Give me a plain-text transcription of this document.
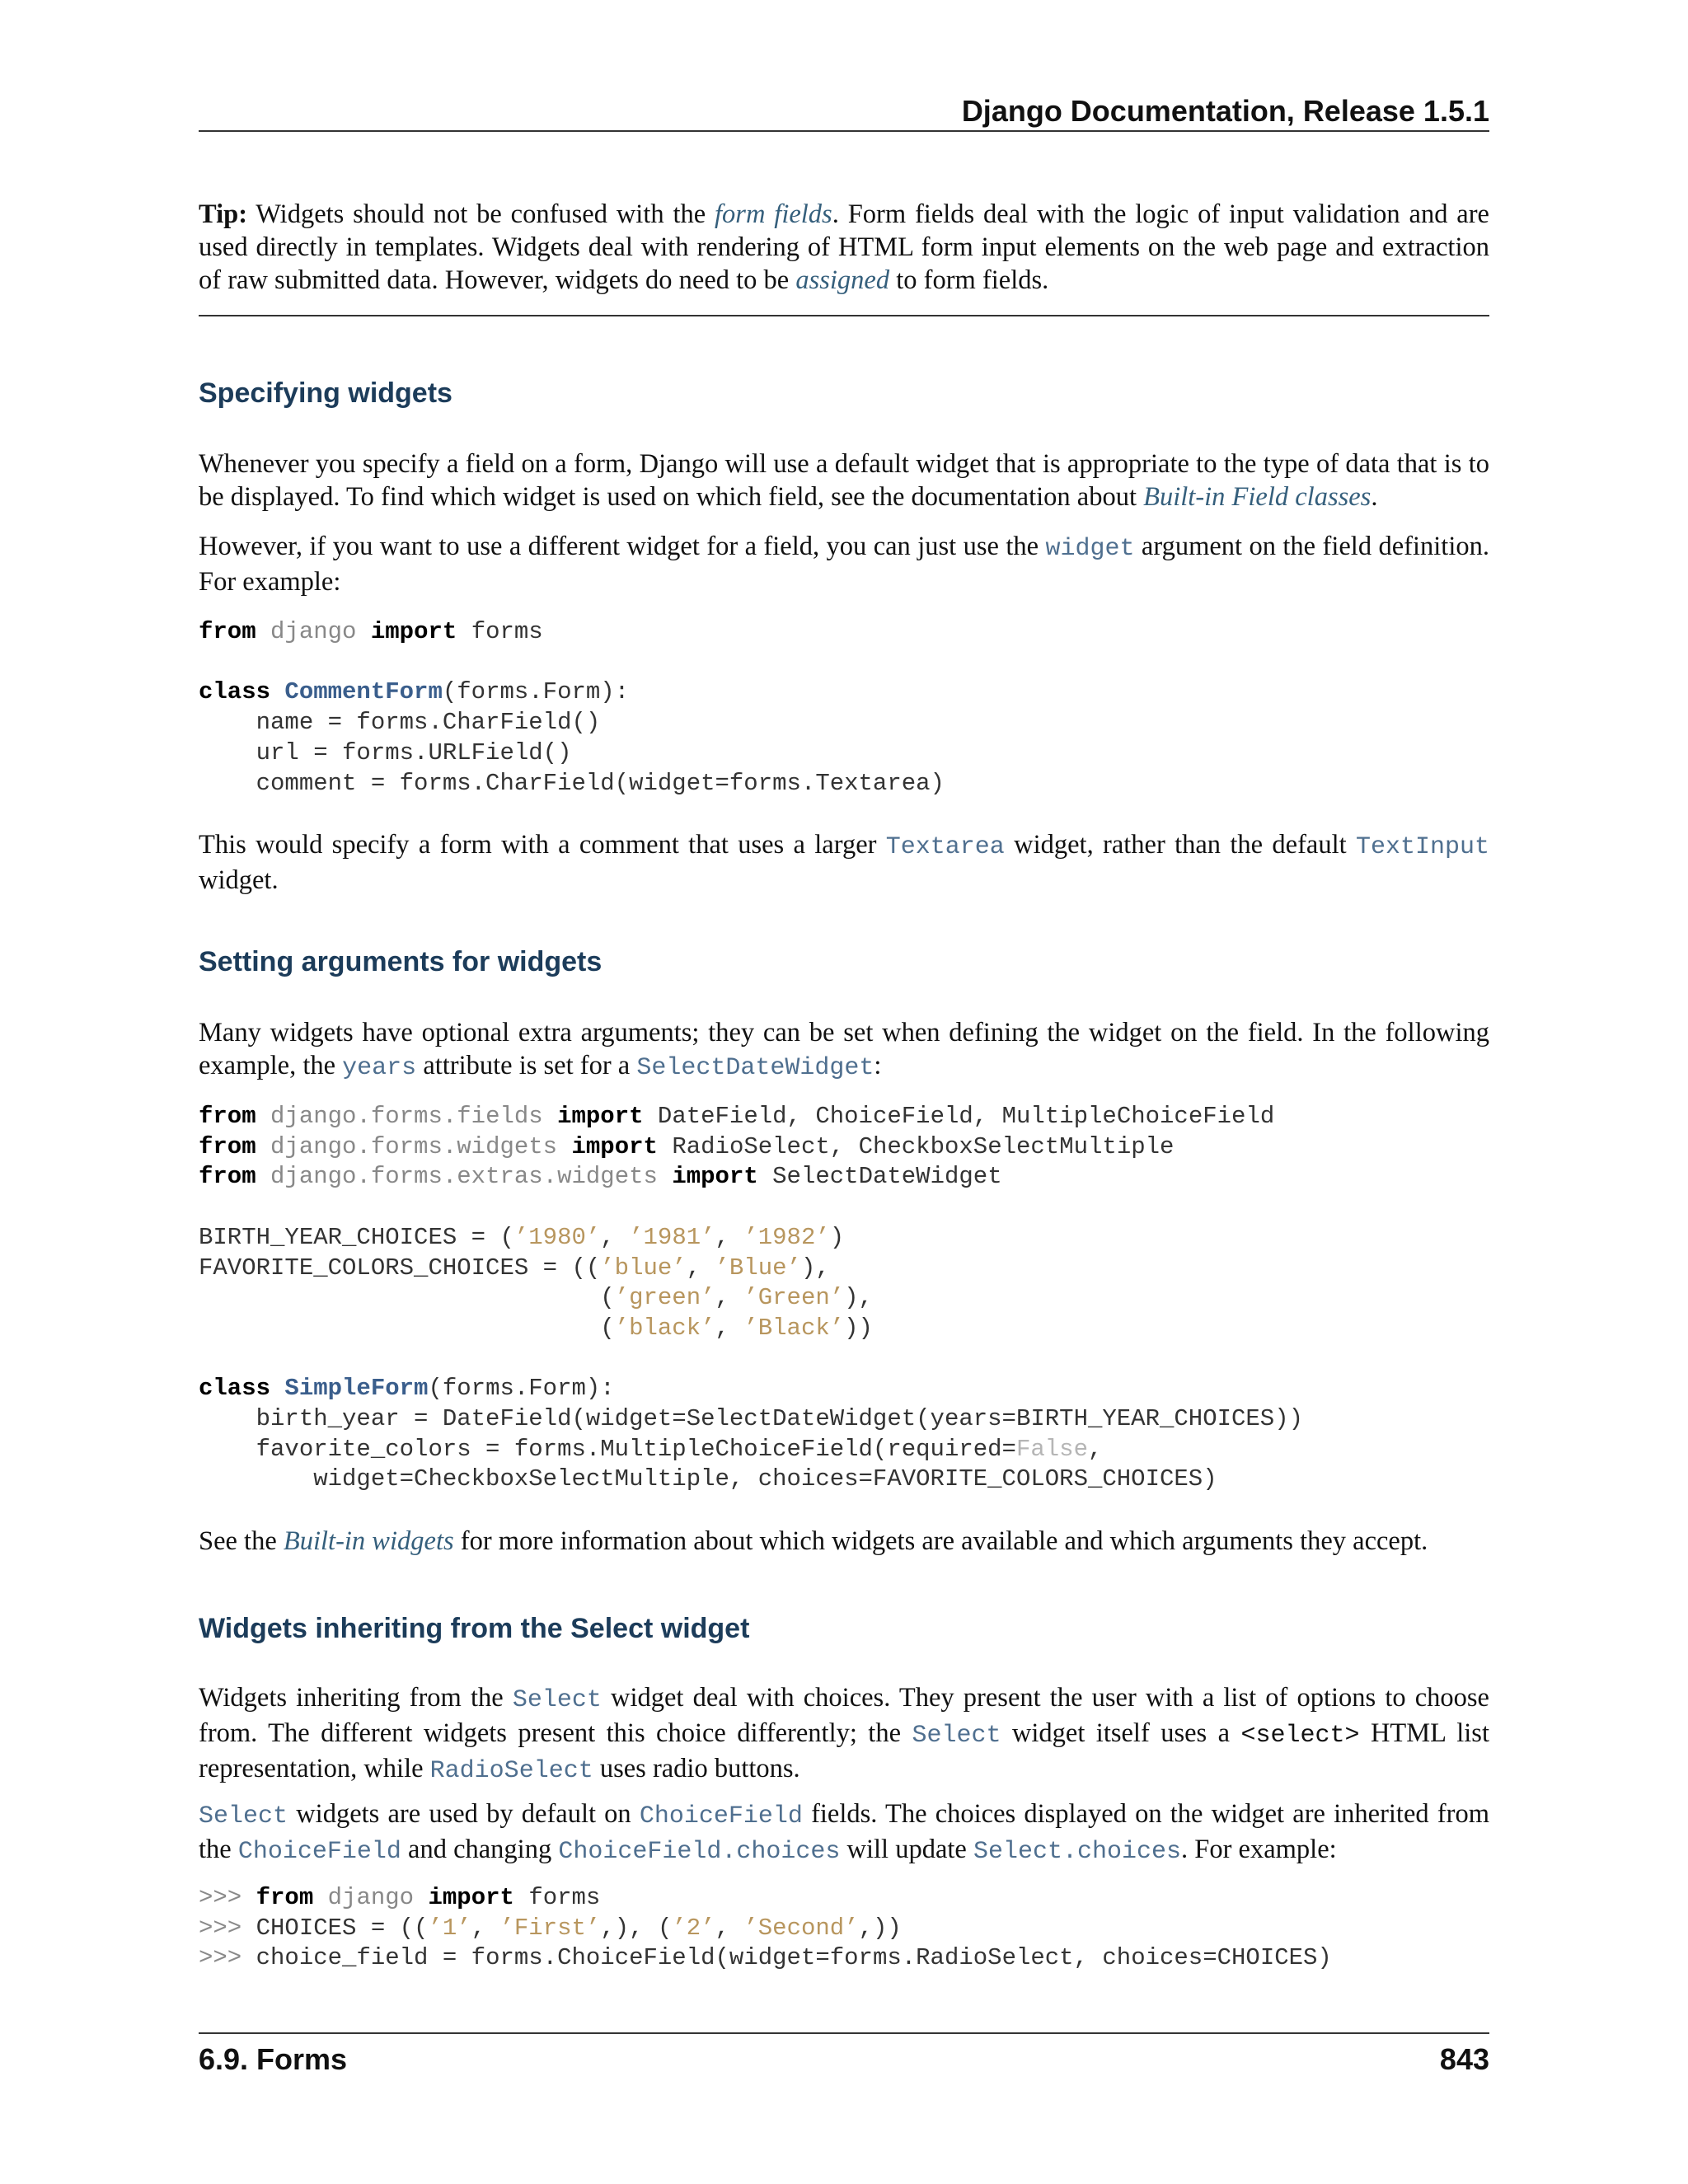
Django Documentation, Release 1.5.1

Tip: Widgets should not be confused with the form fields. Form fields deal with the logic of input validation and are used directly in templates. Widgets deal with rendering of HTML form input elements on the web page and extraction of raw submitted data. However, widgets do need to be assigned to form fields.

Specifying widgets

Whenever you specify a field on a form, Django will use a default widget that is appropriate to the type of data that is to be displayed. To find which widget is used on which field, see the documentation about Built-in Field classes.

However, if you want to use a different widget for a field, you can just use the widget argument on the field definition. For example:

from django import forms

class CommentForm(forms.Form):
name = forms.CharField()
url = forms.URLField()
comment = forms.CharField(widget=forms.Textarea)

This would specify a form with a comment that uses a larger Textarea widget, rather than the default TextInput widget.

Setting arguments for widgets

Many widgets have optional extra arguments; they can be set when defining the widget on the field. In the following example, the years attribute is set for a SelectDateWidget:

from django.forms.fields import DateField, ChoiceField, MultipleChoiceField
from django.forms.widgets import RadioSelect, CheckboxSelectMultiple
from django.forms.extras.widgets import SelectDateWidget

BIRTH_YEAR_CHOICES = (’1980’, ’1981’, ’1982’)
FAVORITE_COLORS_CHOICES = ((’blue’, ’Blue’),
(’green’, ’Green’),
(’black’, ’Black’))

class SimpleForm(forms.Form):
birth_year = DateField(widget=SelectDateWidget(years=BIRTH_YEAR_CHOICES))
favorite_colors = forms.MultipleChoiceField(required=False,
widget=CheckboxSelectMultiple, choices=FAVORITE_COLORS_CHOICES)

See the Built-in widgets for more information about which widgets are available and which arguments they accept.

Widgets inheriting from the Select widget

Widgets inheriting from the Select widget deal with choices. They present the user with a list of options to choose from. The different widgets present this choice differently; the Select widget itself uses a <select> HTML list representation, while RadioSelect uses radio buttons.

Select widgets are used by default on ChoiceField fields. The choices displayed on the widget are inherited from the ChoiceField and changing ChoiceField.choices will update Select.choices. For example:

>>> from django import forms
>>> CHOICES = ((’1’, ’First’,), (’2’, ’Second’,))
>>> choice_field = forms.ChoiceField(widget=forms.RadioSelect, choices=CHOICES)
6.9. Forms	843
